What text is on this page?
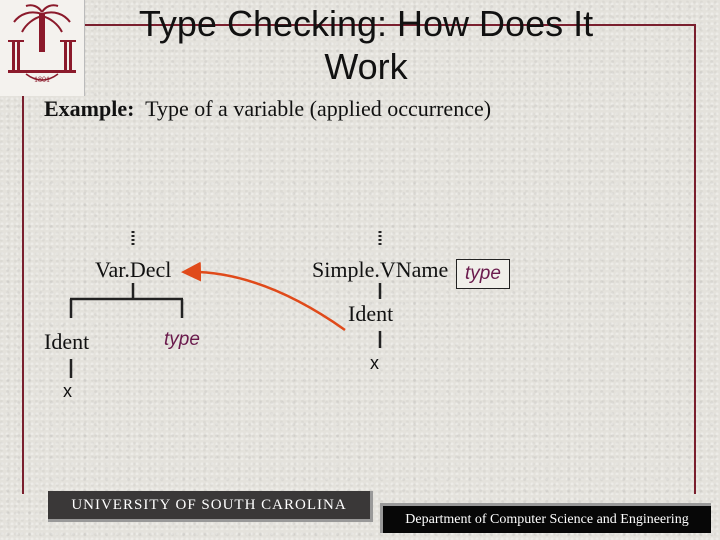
1801
Type Checking: How Does It Work
Example: Type of a variable (applied occurrence)
Var.Decl
Ident	type
x
Simple.VName type
Ident
x
UNIVERSITY OF SOUTH CAROLINA
Department of Computer Science and Engineering
